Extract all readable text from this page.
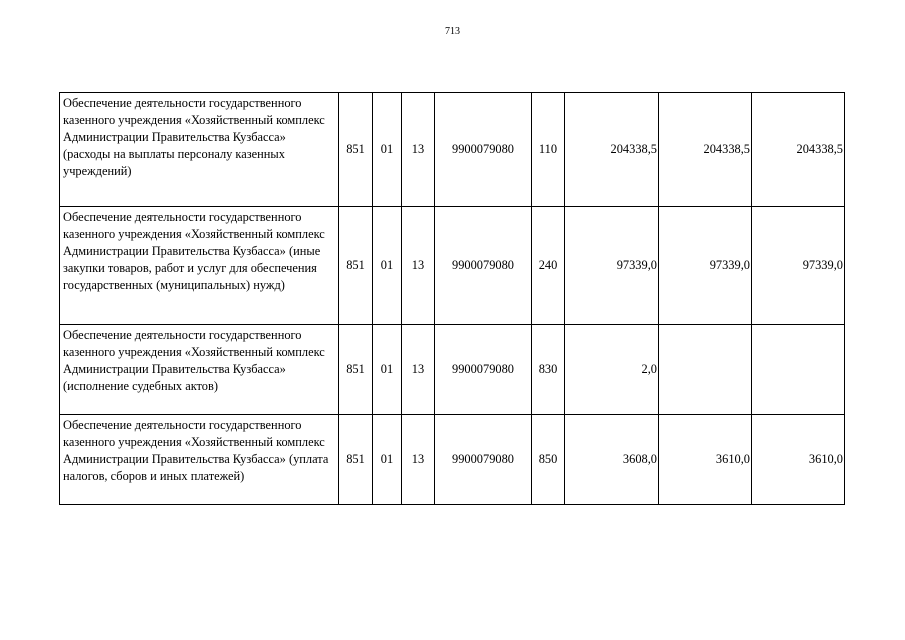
713
Обеспечение деятельности государственного казенного учреждения «Хозяйственный комплекс Администрации Правительства Кузбасса» (расходы на выплаты персоналу казенных учреждений)	851	01	13	9900079080	110	204338,5	204338,5	204338,5
Обеспечение деятельности государственного казенного учреждения «Хозяйственный комплекс Администрации Правительства Кузбасса» (иные закупки товаров, работ и услуг для обеспечения государственных (муниципальных) нужд)	851	01	13	9900079080	240	97339,0	97339,0	97339,0
Обеспечение деятельности государственного казенного учреждения «Хозяйственный комплекс Администрации Правительства Кузбасса» (исполнение судебных актов)	851	01	13	9900079080	830	2,0		
Обеспечение деятельности государственного казенного учреждения «Хозяйственный комплекс Администрации Правительства Кузбасса» (уплата налогов, сборов и иных платежей)	851	01	13	9900079080	850	3608,0	3610,0	3610,0
